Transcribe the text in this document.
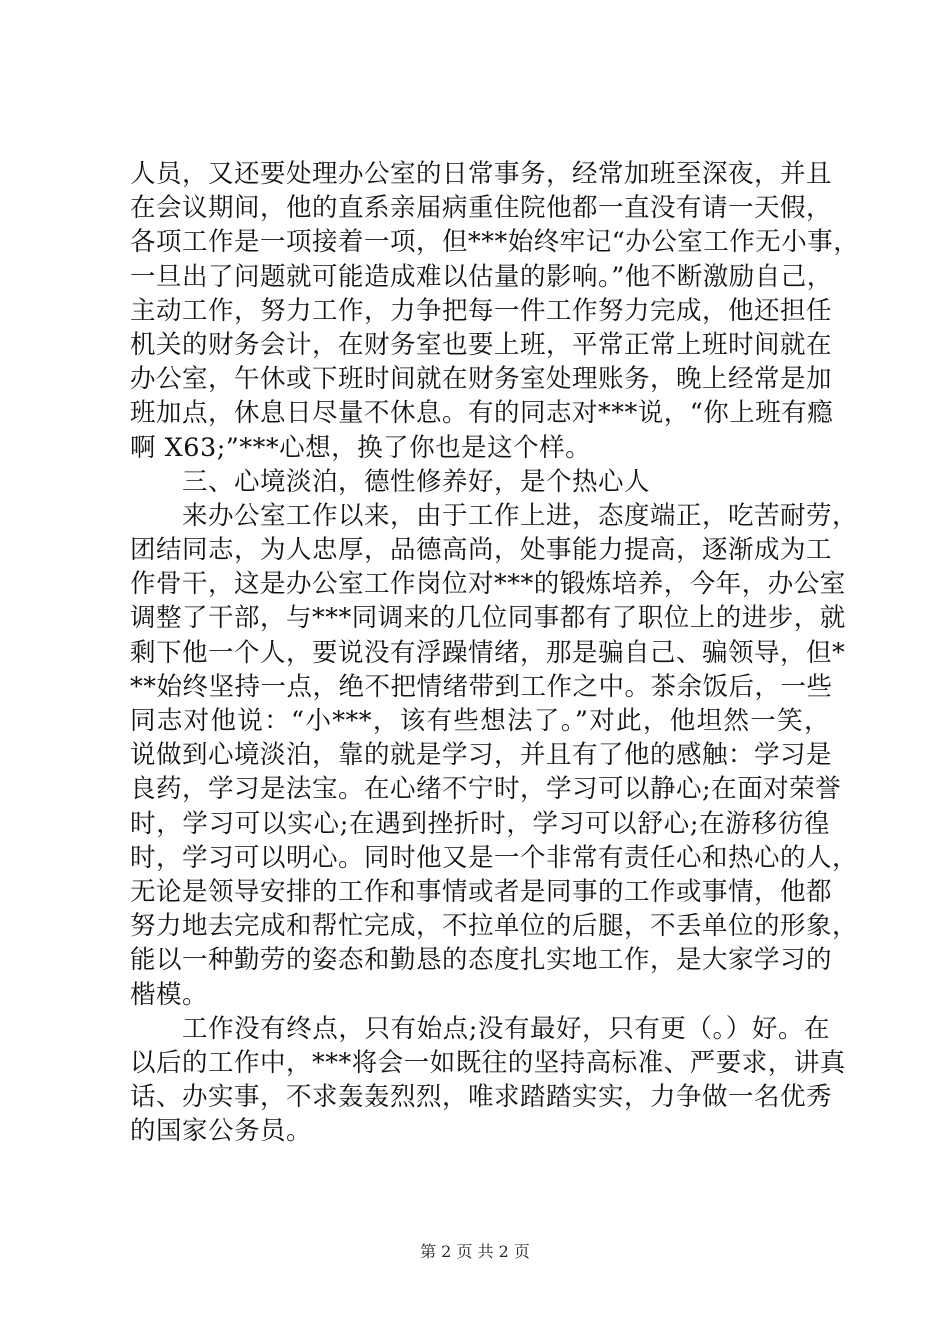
人员，又还要处理办公室的日常事务，经常加班至深夜，并且
在会议期间，他的直系亲届病重住院他都一直没有请一天假，
各项工作是一项接着一项，但***始终牢记“办公室工作无小事，
一旦出了问题就可能造成难以估量的影响。”他不断激励自己，
主动工作，努力工作，力争把每一件工作努力完成，他还担任
机关的财务会计，在财务室也要上班，平常正常上班时间就在
办公室，午休或下班时间就在财务室处理账务，晚上经常是加
班加点，休息日尽量不休息。有的同志对***说，“你上班有瘾
啊 X63;”***心想，换了你也是这个样。
三、心境淡泊，德性修养好，是个热心人
来办公室工作以来，由于工作上进，态度端正，吃苦耐劳，
团结同志，为人忠厚，品德高尚，处事能力提高，逐渐成为工
作骨干，这是办公室工作岗位对***的锻炼培养，今年，办公室
调整了干部，与***同调来的几位同事都有了职位上的进步，就
剩下他一个人，要说没有浮躁情绪，那是骗自己、骗领导，但*
**始终坚持一点，绝不把情绪带到工作之中。茶余饭后，一些
同志对他说：“小***，该有些想法了。”对此，他坦然一笑，
说做到心境淡泊，靠的就是学习，并且有了他的感触：学习是
良药，学习是法宝。在心绪不宁时，学习可以静心;在面对荣誉
时，学习可以实心;在遇到挫折时，学习可以舒心;在游移彷徨
时，学习可以明心。同时他又是一个非常有责任心和热心的人，
无论是领导安排的工作和事情或者是同事的工作或事情，他都
努力地去完成和帮忙完成，不拉单位的后腿，不丢单位的形象，
能以一种勤劳的姿态和勤恳的态度扎实地工作，是大家学习的
楷模。
工作没有终点，只有始点;没有最好，只有更（。）好。在
以后的工作中，***将会一如既往的坚持高标准、严要求，讲真
话、办实事，不求轰轰烈烈，唯求踏踏实实，力争做一名优秀
的国家公务员。
第 2 页 共 2 页
